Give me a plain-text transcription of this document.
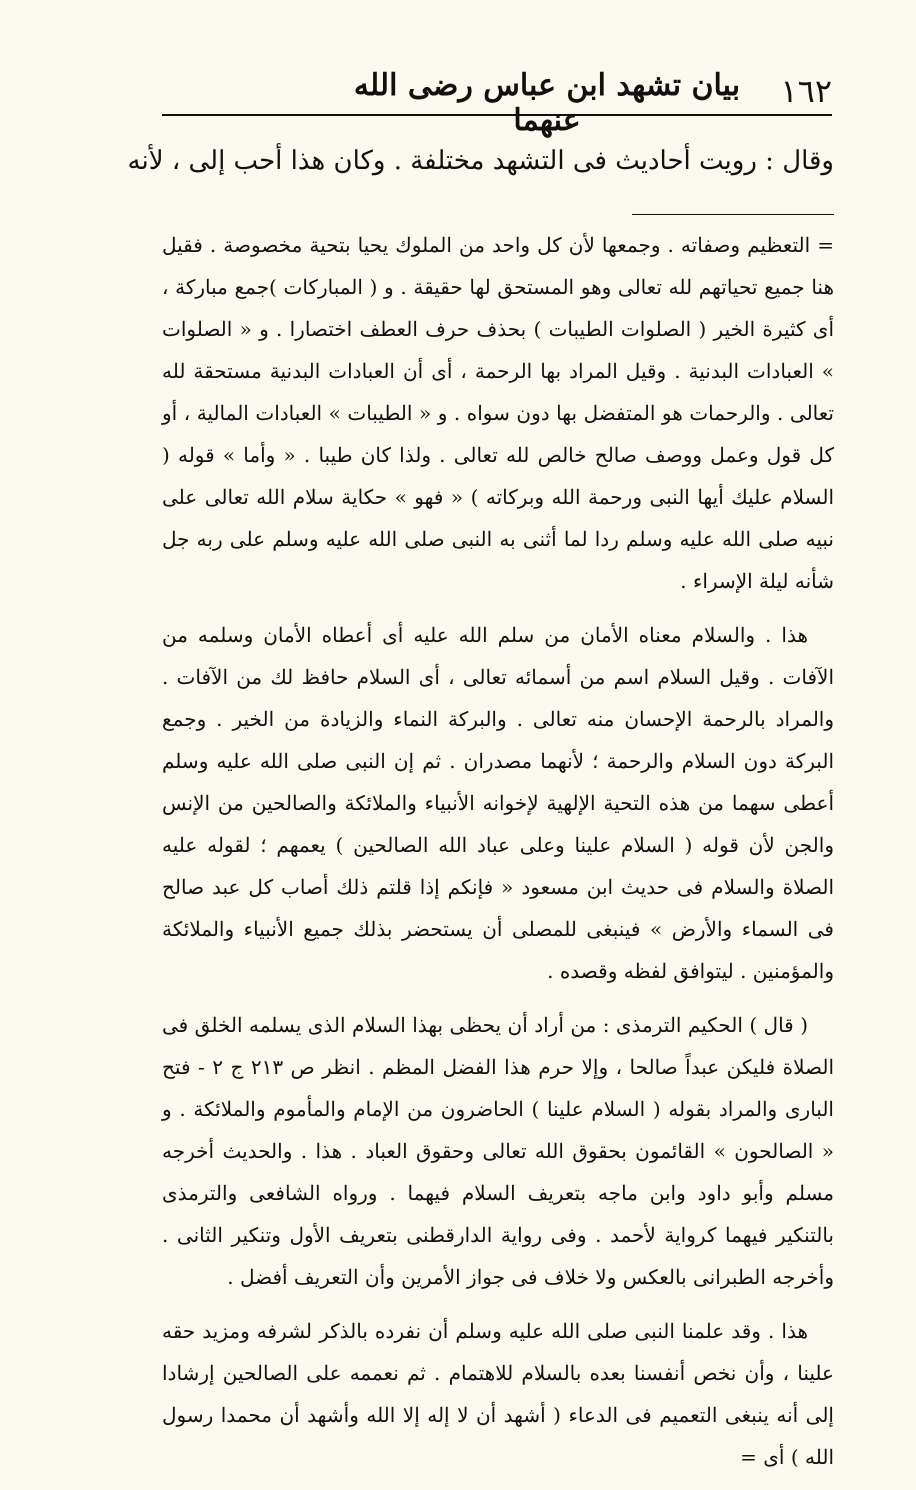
١٦٢
بيان تشهد ابن عباس رضى الله عنهما
وقال : رويت أحاديث فى التشهد مختلفة . وكان هذا أحب إلى ، لأنه

= التعظيم وصفاته . وجمعها لأن كل واحد من الملوك يحيا بتحية مخصوصة . فقيل هنا جميع تحياتهم لله تعالى وهو المستحق لها حقيقة . و ( المباركات )جمع مباركة ، أى كثيرة الخير ( الصلوات الطيبات ) بحذف حرف العطف اختصارا . و « الصلوات » العبادات البدنية . وقيل المراد بها الرحمة ، أى أن العبادات البدنية مستحقة لله تعالى . والرحمات هو المتفضل بها دون سواه . و « الطيبات » العبادات المالية ، أو كل قول وعمل ووصف صالح خالص لله تعالى . ولذا كان طيبا . « وأما » قوله ( السلام عليك أيها النبى ورحمة الله وبركاته ) « فهو » حكاية سلام الله تعالى على نبيه صلى الله عليه وسلم ردا لما أثنى به النبى صلى الله عليه وسلم على ربه جل شأنه ليلة الإسراء .

هذا . والسلام معناه الأمان من سلم الله عليه أى أعطاه الأمان وسلمه من الآفات . وقيل السلام اسم من أسمائه تعالى ، أى السلام حافظ لك من الآفات . والمراد بالرحمة الإحسان منه تعالى . والبركة النماء والزيادة من الخير . وجمع البركة دون السلام والرحمة ؛ لأنهما مصدران . ثم إن النبى صلى الله عليه وسلم أعطى سهما من هذه التحية الإلهية لإخوانه الأنبياء والملائكة والصالحين من الإنس والجن لأن قوله ( السلام علينا وعلى عباد الله الصالحين ) يعمهم ؛ لقوله عليه الصلاة والسلام فى حديث ابن مسعود « فإنكم إذا قلتم ذلك أصاب كل عبد صالح فى السماء والأرض » فينبغى للمصلى أن يستحضر بذلك جميع الأنبياء والملائكة والمؤمنين . ليتوافق لفظه وقصده .

( قال ) الحكيم الترمذى : من أراد أن يحظى بهذا السلام الذى يسلمه الخلق فى الصلاة فليكن عبداً صالحا ، وإلا حرم هذا الفضل المظم . انظر ص ٢١٣ ج ٢ - فتح البارى والمراد بقوله ( السلام علينا ) الحاضرون من الإمام والمأموم والملائكة . و « الصالحون » القائمون بحقوق الله تعالى وحقوق العباد . هذا . والحديث أخرجه مسلم وأبو داود وابن ماجه بتعريف السلام فيهما . ورواه الشافعى والترمذى بالتنكير فيهما كرواية لأحمد . وفى رواية الدارقطنى بتعريف الأول وتنكير الثانى . وأخرجه الطبرانى بالعكس ولا خلاف فى جواز الأمرين وأن التعريف أفضل .

هذا . وقد علمنا النبى صلى الله عليه وسلم أن نفرده بالذكر لشرفه ومزيد حقه علينا ، وأن نخص أنفسنا بعده بالسلام للاهتمام . ثم نعممه على الصالحين إرشادا إلى أنه ينبغى التعميم فى الدعاء ( أشهد أن لا إله إلا الله وأشهد أن محمدا رسول الله ) أى =
